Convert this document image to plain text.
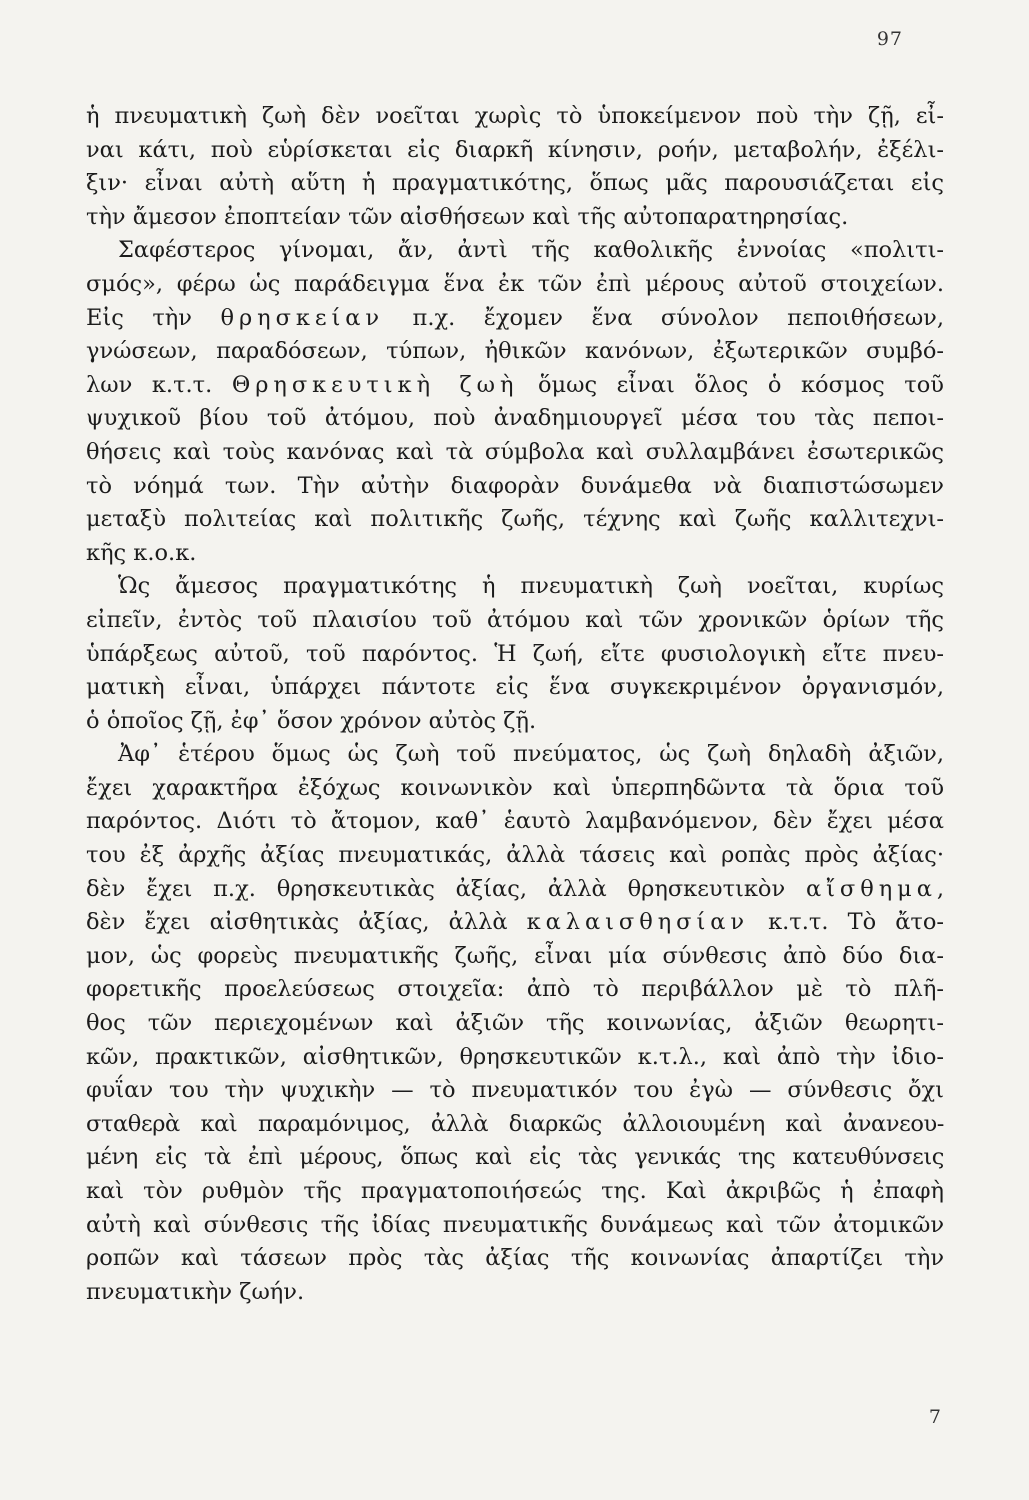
97
ἡ πνευματικὴ ζωὴ δὲν νοεῖται χωρὶς τὸ ὑποκείμενον ποὺ τὴν ζῇ, εἶ-
ναι κάτι, ποὺ εὑρίσκεται εἰς διαρκῆ κίνησιν, ροήν, μεταβολήν, ἐξέλι-
ξιν· εἶναι αὐτὴ αὕτη ἡ πραγματικότης, ὅπως μᾶς παρουσιάζεται εἰς
τὴν ἄμεσον ἐποπτείαν τῶν αἰσθήσεων καὶ τῆς αὐτοπαρατηρησίας.
Σαφέστερος γίνομαι, ἄν, ἀντὶ τῆς καθολικῆς ἐννοίας «πολιτι-
σμός», φέρω ὡς παράδειγμα ἕνα ἐκ τῶν ἐπὶ μέρους αὐτοῦ στοιχείων.
Εἰς τὴν θρησκείαν π.χ. ἔχομεν ἕνα σύνολον πεποιθήσεων,
γνώσεων, παραδόσεων, τύπων, ἠθικῶν κανόνων, ἐξωτερικῶν συμβό-
λων κ.τ.τ. Θρησκευτικὴ ζωὴ ὅμως εἶναι ὅλος ὁ κόσμος τοῦ
ψυχικοῦ βίου τοῦ ἀτόμου, ποὺ ἀναδημιουργεῖ μέσα του τὰς πεποι-
θήσεις καὶ τοὺς κανόνας καὶ τὰ σύμβολα καὶ συλλαμβάνει ἐσωτερικῶς
τὸ νόημά των. Τὴν αὐτὴν διαφορὰν δυνάμεθα νὰ διαπιστώσωμεν
μεταξὺ πολιτείας καὶ πολιτικῆς ζωῆς, τέχνης καὶ ζωῆς καλλιτεχνι-
κῆς κ.ο.κ.
Ὡς ἄμεσος πραγματικότης ἡ πνευματικὴ ζωὴ νοεῖται, κυρίως
εἰπεῖν, ἐντὸς τοῦ πλαισίου τοῦ ἀτόμου καὶ τῶν χρονικῶν ὁρίων τῆς
ὑπάρξεως αὐτοῦ, τοῦ παρόντος. Ἡ ζωή, εἴτε φυσιολογικὴ εἴτε πνευ-
ματικὴ εἶναι, ὑπάρχει πάντοτε εἰς ἕνα συγκεκριμένον ὀργανισμόν,
ὁ ὁποῖος ζῇ, ἐφ᾽ ὅσον χρόνον αὐτὸς ζῇ.
Ἀφ᾽ ἑτέρου ὅμως ὡς ζωὴ τοῦ πνεύματος, ὡς ζωὴ δηλαδὴ ἀξιῶν,
ἔχει χαρακτῆρα ἐξόχως κοινωνικὸν καὶ ὑπερπηδῶντα τὰ ὅρια τοῦ
παρόντος. Διότι τὸ ἄτομον, καθ᾽ ἑαυτὸ λαμβανόμενον, δὲν ἔχει μέσα
του ἐξ ἀρχῆς ἀξίας πνευματικάς, ἀλλὰ τάσεις καὶ ροπὰς πρὸς ἀξίας·
δὲν ἔχει π.χ. θρησκευτικὰς ἀξίας, ἀλλὰ θρησκευτικὸν αἴσθημα,
δὲν ἔχει αἰσθητικὰς ἀξίας, ἀλλὰ καλαισθησίαν κ.τ.τ. Τὸ ἄτο-
μον, ὡς φορεὺς πνευματικῆς ζωῆς, εἶναι μία σύνθεσις ἀπὸ δύο δια-
φορετικῆς προελεύσεως στοιχεῖα: ἀπὸ τὸ περιβάλλον μὲ τὸ πλῆ-
θος τῶν περιεχομένων καὶ ἀξιῶν τῆς κοινωνίας, ἀξιῶν θεωρητι-
κῶν, πρακτικῶν, αἰσθητικῶν, θρησκευτικῶν κ.τ.λ., καὶ ἀπὸ τὴν ἰδιο-
φυΐαν του τὴν ψυχικὴν — τὸ πνευματικόν του ἐγὼ — σύνθεσις ὄχι
σταθερὰ καὶ παραμόνιμος, ἀλλὰ διαρκῶς ἀλλοιουμένη καὶ ἀνανεου-
μένη εἰς τὰ ἐπὶ μέρους, ὅπως καὶ εἰς τὰς γενικάς της κατευθύνσεις
καὶ τὸν ρυθμὸν τῆς πραγματοποιήσεώς της. Καὶ ἀκριβῶς ἡ ἐπαφὴ
αὐτὴ καὶ σύνθεσις τῆς ἰδίας πνευματικῆς δυνάμεως καὶ τῶν ἀτομικῶν
ροπῶν καὶ τάσεων πρὸς τὰς ἀξίας τῆς κοινωνίας ἀπαρτίζει τὴν
πνευματικὴν ζωήν.
7
